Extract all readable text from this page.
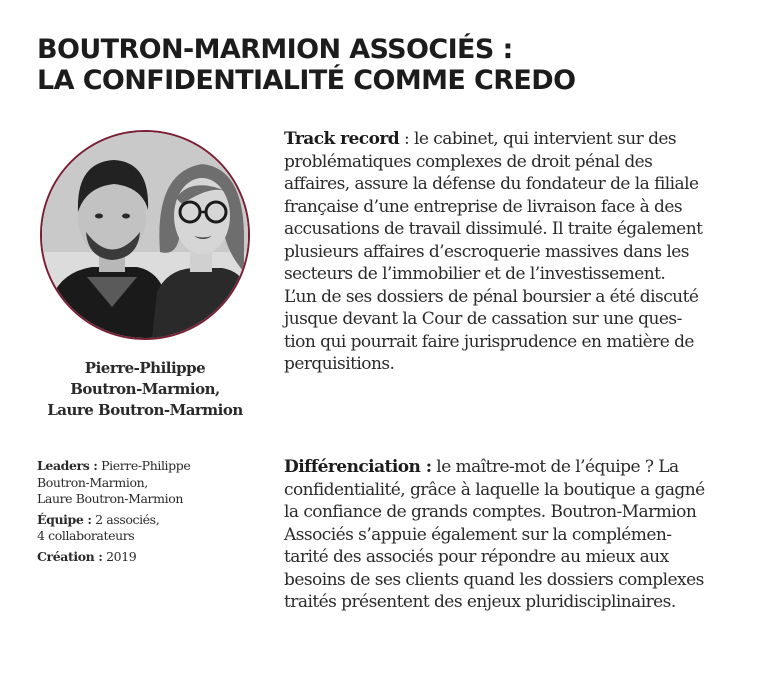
BOUTRON-MARMION ASSOCIÉS :
LA CONFIDENTIALITÉ COMME CREDO
Pierre-Philippe
Boutron-Marmion,
Laure Boutron-Marmion
Leaders : Pierre-Philippe
Boutron-Marmion,
Laure Boutron-Marmion
Équipe : 2 associés,
4 collaborateurs
Création : 2019
Track record : le cabinet, qui intervient sur des
problématiques complexes de droit pénal des
affaires, assure la défense du fondateur de la filiale
française d’une entreprise de livraison face à des
accusations de travail dissimulé. Il traite également
plusieurs affaires d’escroquerie massives dans les
secteurs de l’immobilier et de l’investissement.
L’un de ses dossiers de pénal boursier a été discuté
jusque devant la Cour de cassation sur une ques-
tion qui pourrait faire jurisprudence en matière de
perquisitions.
Différenciation : le maître-mot de l’équipe ? La
confidentialité, grâce à laquelle la boutique a gagné
la confiance de grands comptes. Boutron-Marmion
Associés s’appuie également sur la complémen-
tarité des associés pour répondre au mieux aux
besoins de ses clients quand les dossiers complexes
traités présentent des enjeux pluridisciplinaires.
